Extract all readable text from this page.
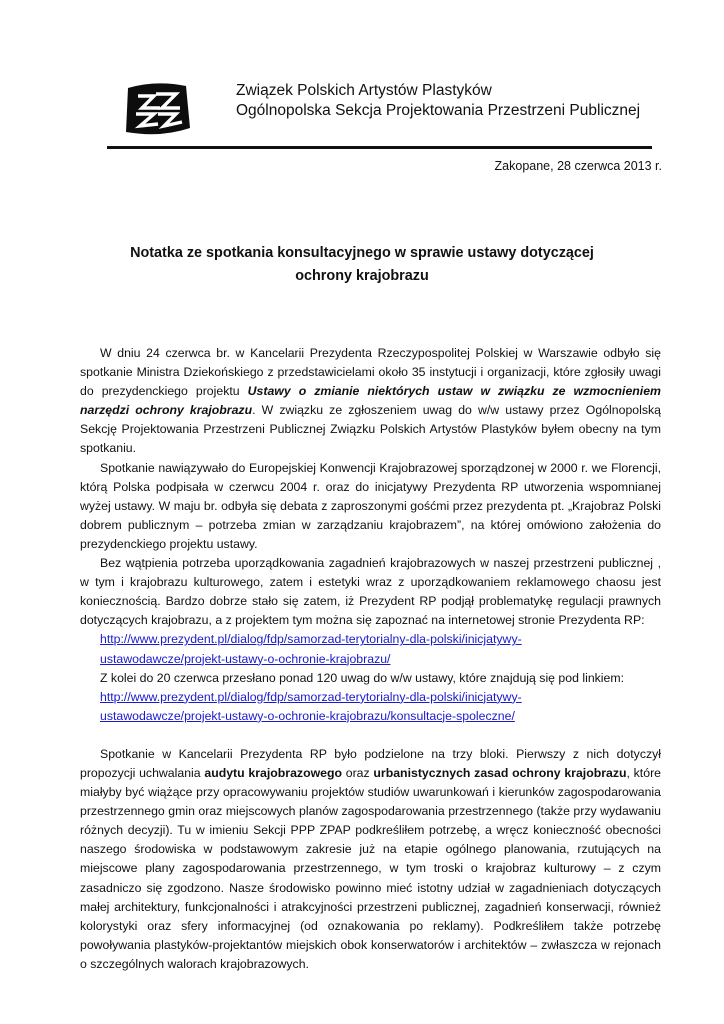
Związek Polskich Artystów Plastyków
Ogólnopolska Sekcja Projektowania Przestrzeni Publicznej
Zakopane, 28 czerwca 2013 r.
Notatka ze spotkania konsultacyjnego w sprawie ustawy dotyczącej
ochrony krajobrazu

W dniu 24 czerwca br. w Kancelarii Prezydenta Rzeczypospolitej Polskiej w Warszawie odbyło się spotkanie Ministra Dziekońskiego z przedstawicielami około 35 instytucji i organizacji, które zgłosiły uwagi do prezydenckiego projektu Ustawy o zmianie niektórych ustaw w związku ze wzmocnieniem narzędzi ochrony krajobrazu. W związku ze zgłoszeniem uwag do w/w ustawy przez Ogólnopolską Sekcję Projektowania Przestrzeni Publicznej Związku Polskich Artystów Plastyków byłem obecny na tym spotkaniu.

Spotkanie nawiązywało do Europejskiej Konwencji Krajobrazowej sporządzonej w 2000 r. we Florencji, którą Polska podpisała w czerwcu 2004 r. oraz do inicjatywy Prezydenta RP utworzenia wspomnianej wyżej ustawy. W maju br. odbyła się debata z zaproszonymi gośćmi przez prezydenta pt. „Krajobraz Polski dobrem publicznym – potrzeba zmian w zarządzaniu krajobrazem”, na której omówiono założenia do prezydenckiego projektu ustawy.

Bez wątpienia potrzeba uporządkowania zagadnień krajobrazowych w naszej przestrzeni publicznej , w tym i krajobrazu kulturowego, zatem i estetyki wraz z uporządkowaniem reklamowego chaosu jest koniecznością. Bardzo dobrze stało się zatem, iż Prezydent RP podjął problematykę regulacji prawnych dotyczących krajobrazu, a z projektem tym można się zapoznać na internetowej stronie Prezydenta RP:

http://www.prezydent.pl/dialog/fdp/samorzad-terytorialny-dla-polski/inicjatywy-
ustawodawcze/projekt-ustawy-o-ochronie-krajobrazu/

Z kolei do 20 czerwca przesłano ponad 120 uwag do w/w ustawy, które znajdują się pod linkiem:

http://www.prezydent.pl/dialog/fdp/samorzad-terytorialny-dla-polski/inicjatywy-
ustawodawcze/projekt-ustawy-o-ochronie-krajobrazu/konsultacje-spoleczne/

Spotkanie w Kancelarii Prezydenta RP było podzielone na trzy bloki. Pierwszy z nich dotyczył propozycji uchwalania audytu krajobrazowego oraz urbanistycznych zasad ochrony krajobrazu, które miałyby być wiążące przy opracowywaniu projektów studiów uwarunkowań i kierunków zagospodarowania przestrzennego gmin oraz miejscowych planów zagospodarowania przestrzennego (także przy wydawaniu różnych decyzji). Tu w imieniu Sekcji PPP ZPAP podkreśliłem potrzebę, a wręcz konieczność obecności naszego środowiska w podstawowym zakresie już na etapie ogólnego planowania, rzutujących na miejscowe plany zagospodarowania przestrzennego, w tym troski o krajobraz kulturowy – z czym zasadniczo się zgodzono. Nasze środowisko powinno mieć istotny udział w zagadnieniach dotyczących małej architektury, funkcjonalności i atrakcyjności przestrzeni publicznej, zagadnień konserwacji, również kolorystyki oraz sfery informacyjnej (od oznakowania po reklamy). Podkreśliłem także potrzebę powoływania plastyków-projektantów miejskich obok konserwatorów i architektów – zwłaszcza w rejonach o szczególnych walorach krajobrazowych.
